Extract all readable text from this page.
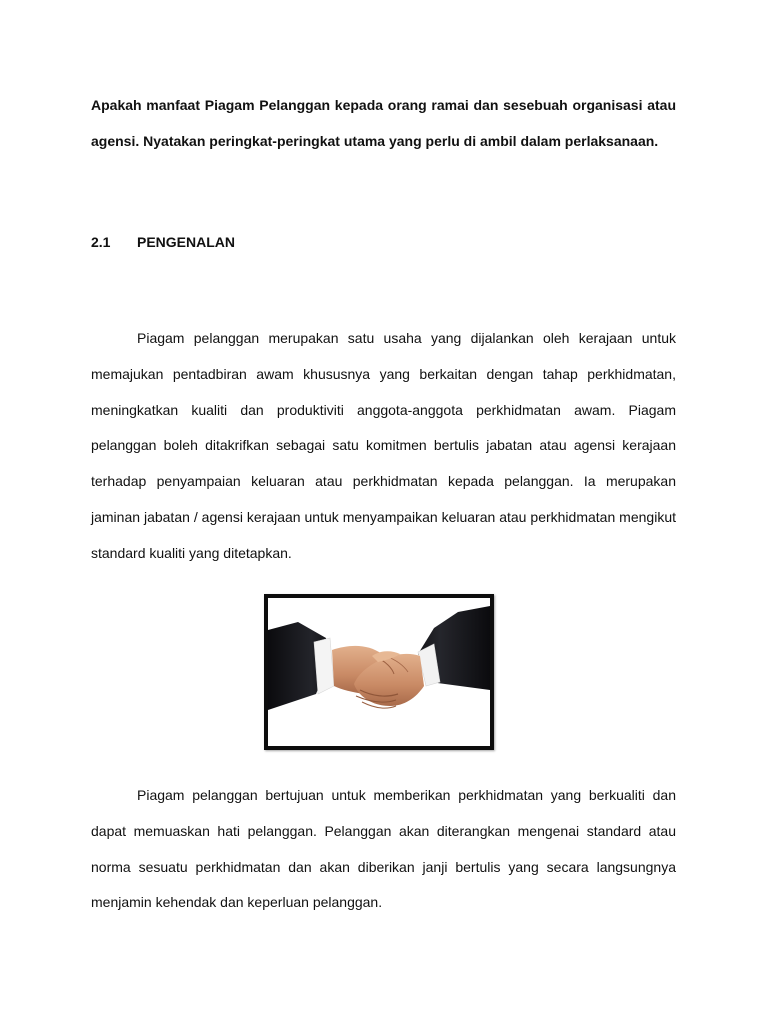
Apakah manfaat Piagam Pelanggan kepada orang ramai dan sesebuah organisasi atau agensi. Nyatakan peringkat-peringkat utama yang perlu di ambil dalam perlaksanaan.

2.1 PENGENALAN

Piagam pelanggan merupakan satu usaha yang dijalankan oleh kerajaan untuk memajukan pentadbiran awam khususnya yang berkaitan dengan tahap perkhidmatan, meningkatkan kualiti dan produktiviti anggota-anggota perkhidmatan awam. Piagam pelanggan boleh ditakrifkan sebagai satu komitmen bertulis jabatan atau agensi kerajaan terhadap penyampaian keluaran atau perkhidmatan kepada pelanggan. Ia merupakan jaminan jabatan / agensi kerajaan untuk menyampaikan keluaran atau perkhidmatan mengikut standard kualiti yang ditetapkan.

Piagam pelanggan bertujuan untuk memberikan perkhidmatan yang berkualiti dan dapat memuaskan hati pelanggan. Pelanggan akan diterangkan mengenai standard atau norma sesuatu perkhidmatan dan akan diberikan janji bertulis yang secara langsungnya menjamin kehendak dan keperluan pelanggan.
